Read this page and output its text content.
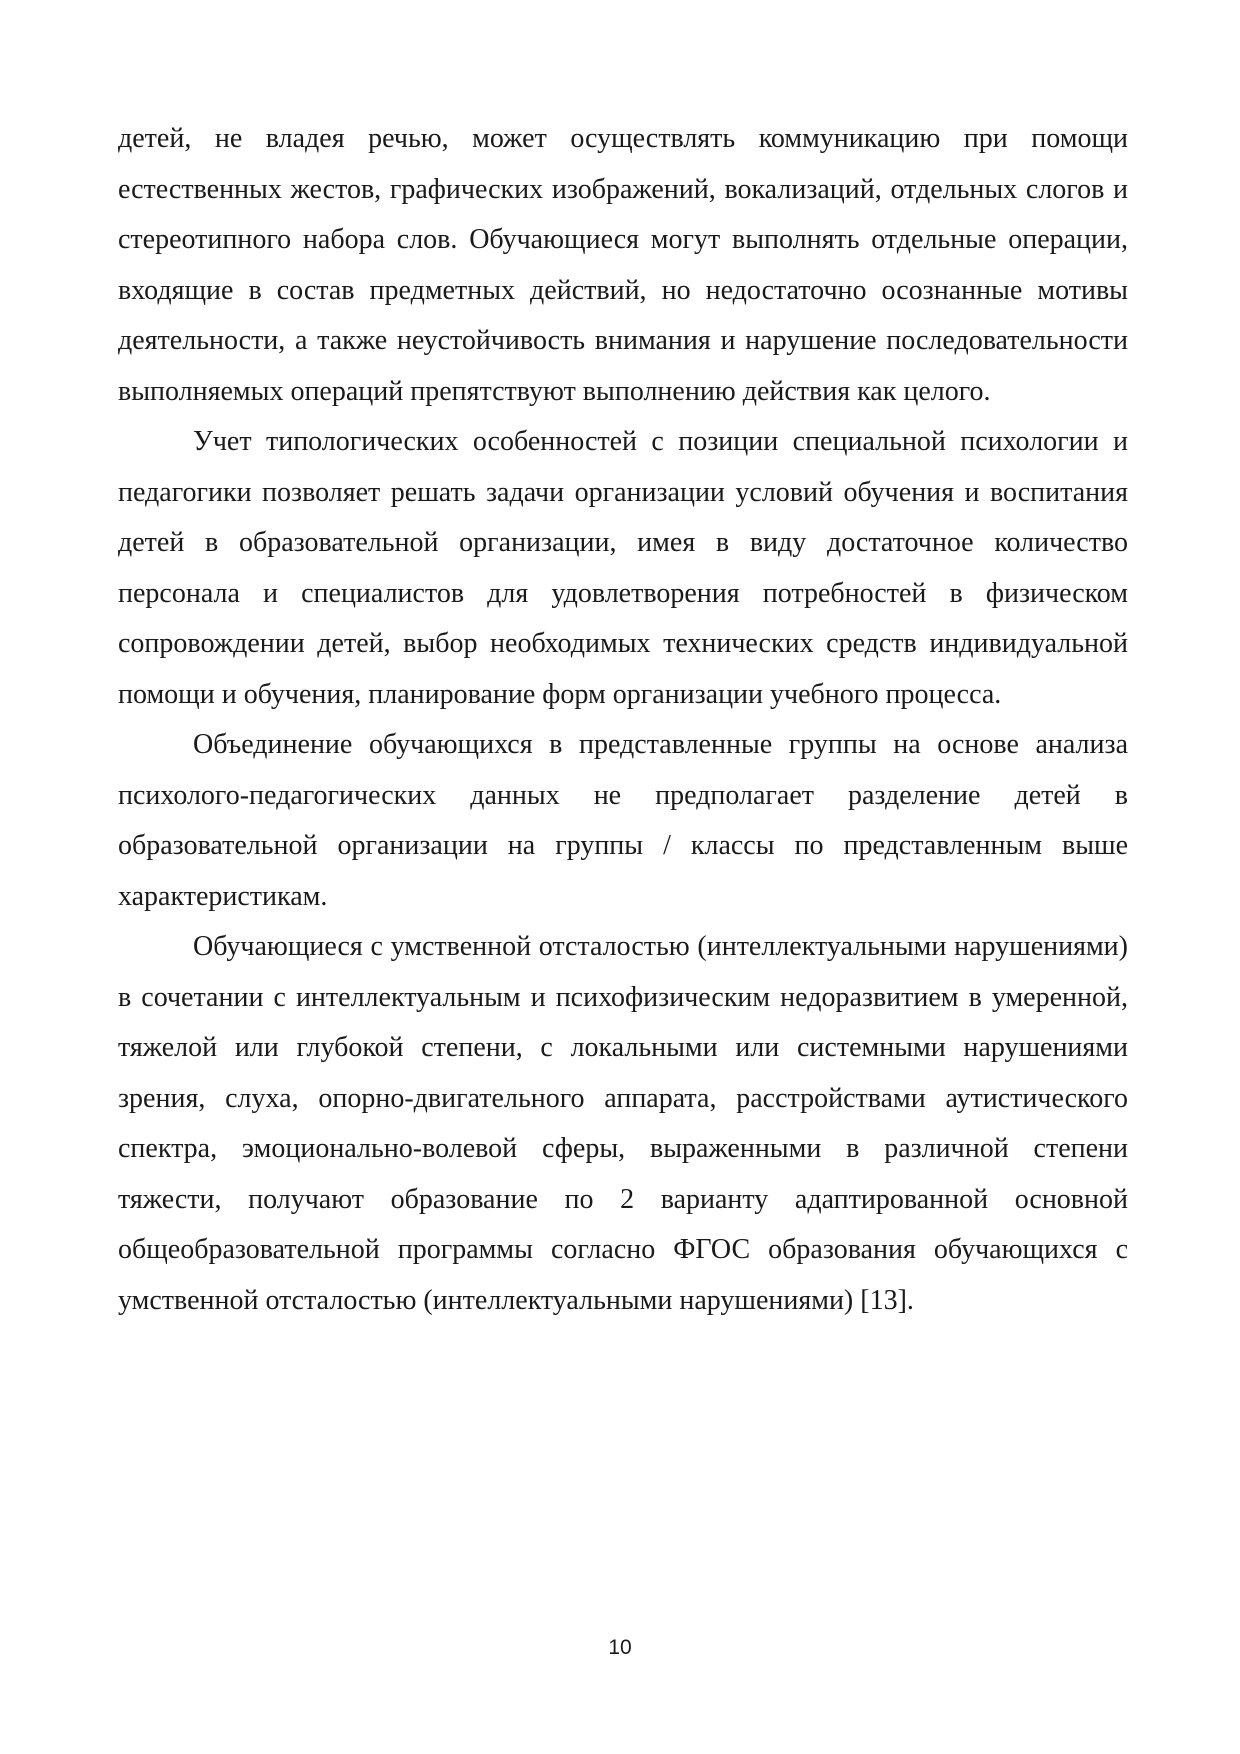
детей, не владея речью, может осуществлять коммуникацию при помощи естественных жестов, графических изображений, вокализаций, отдельных слогов и стереотипного набора слов. Обучающиеся могут выполнять отдельные операции, входящие в состав предметных действий, но недостаточно осознанные мотивы деятельности, а также неустойчивость внимания и нарушение последовательности выполняемых операций препятствуют выполнению действия как целого.

Учет типологических особенностей с позиции специальной психологии и педагогики позволяет решать задачи организации условий обучения и воспитания детей в образовательной организации, имея в виду достаточное количество персонала и специалистов для удовлетворения потребностей в физическом сопровождении детей, выбор необходимых технических средств индивидуальной помощи и обучения, планирование форм организации учебного процесса.

Объединение обучающихся в представленные группы на основе анализа психолого-педагогических данных не предполагает разделение детей в образовательной организации на группы / классы по представленным выше характеристикам.

Обучающиеся с умственной отсталостью (интеллектуальными нарушениями) в сочетании с интеллектуальным и психофизическим недоразвитием в умеренной, тяжелой или глубокой степени, с локальными или системными нарушениями зрения, слуха, опорно-двигательного аппарата, расстройствами аутистического спектра, эмоционально-волевой сферы, выраженными в различной степени тяжести, получают образование по 2 варианту адаптированной основной общеобразовательной программы согласно ФГОС образования обучающихся с умственной отсталостью (интеллектуальными нарушениями) [13].

10
